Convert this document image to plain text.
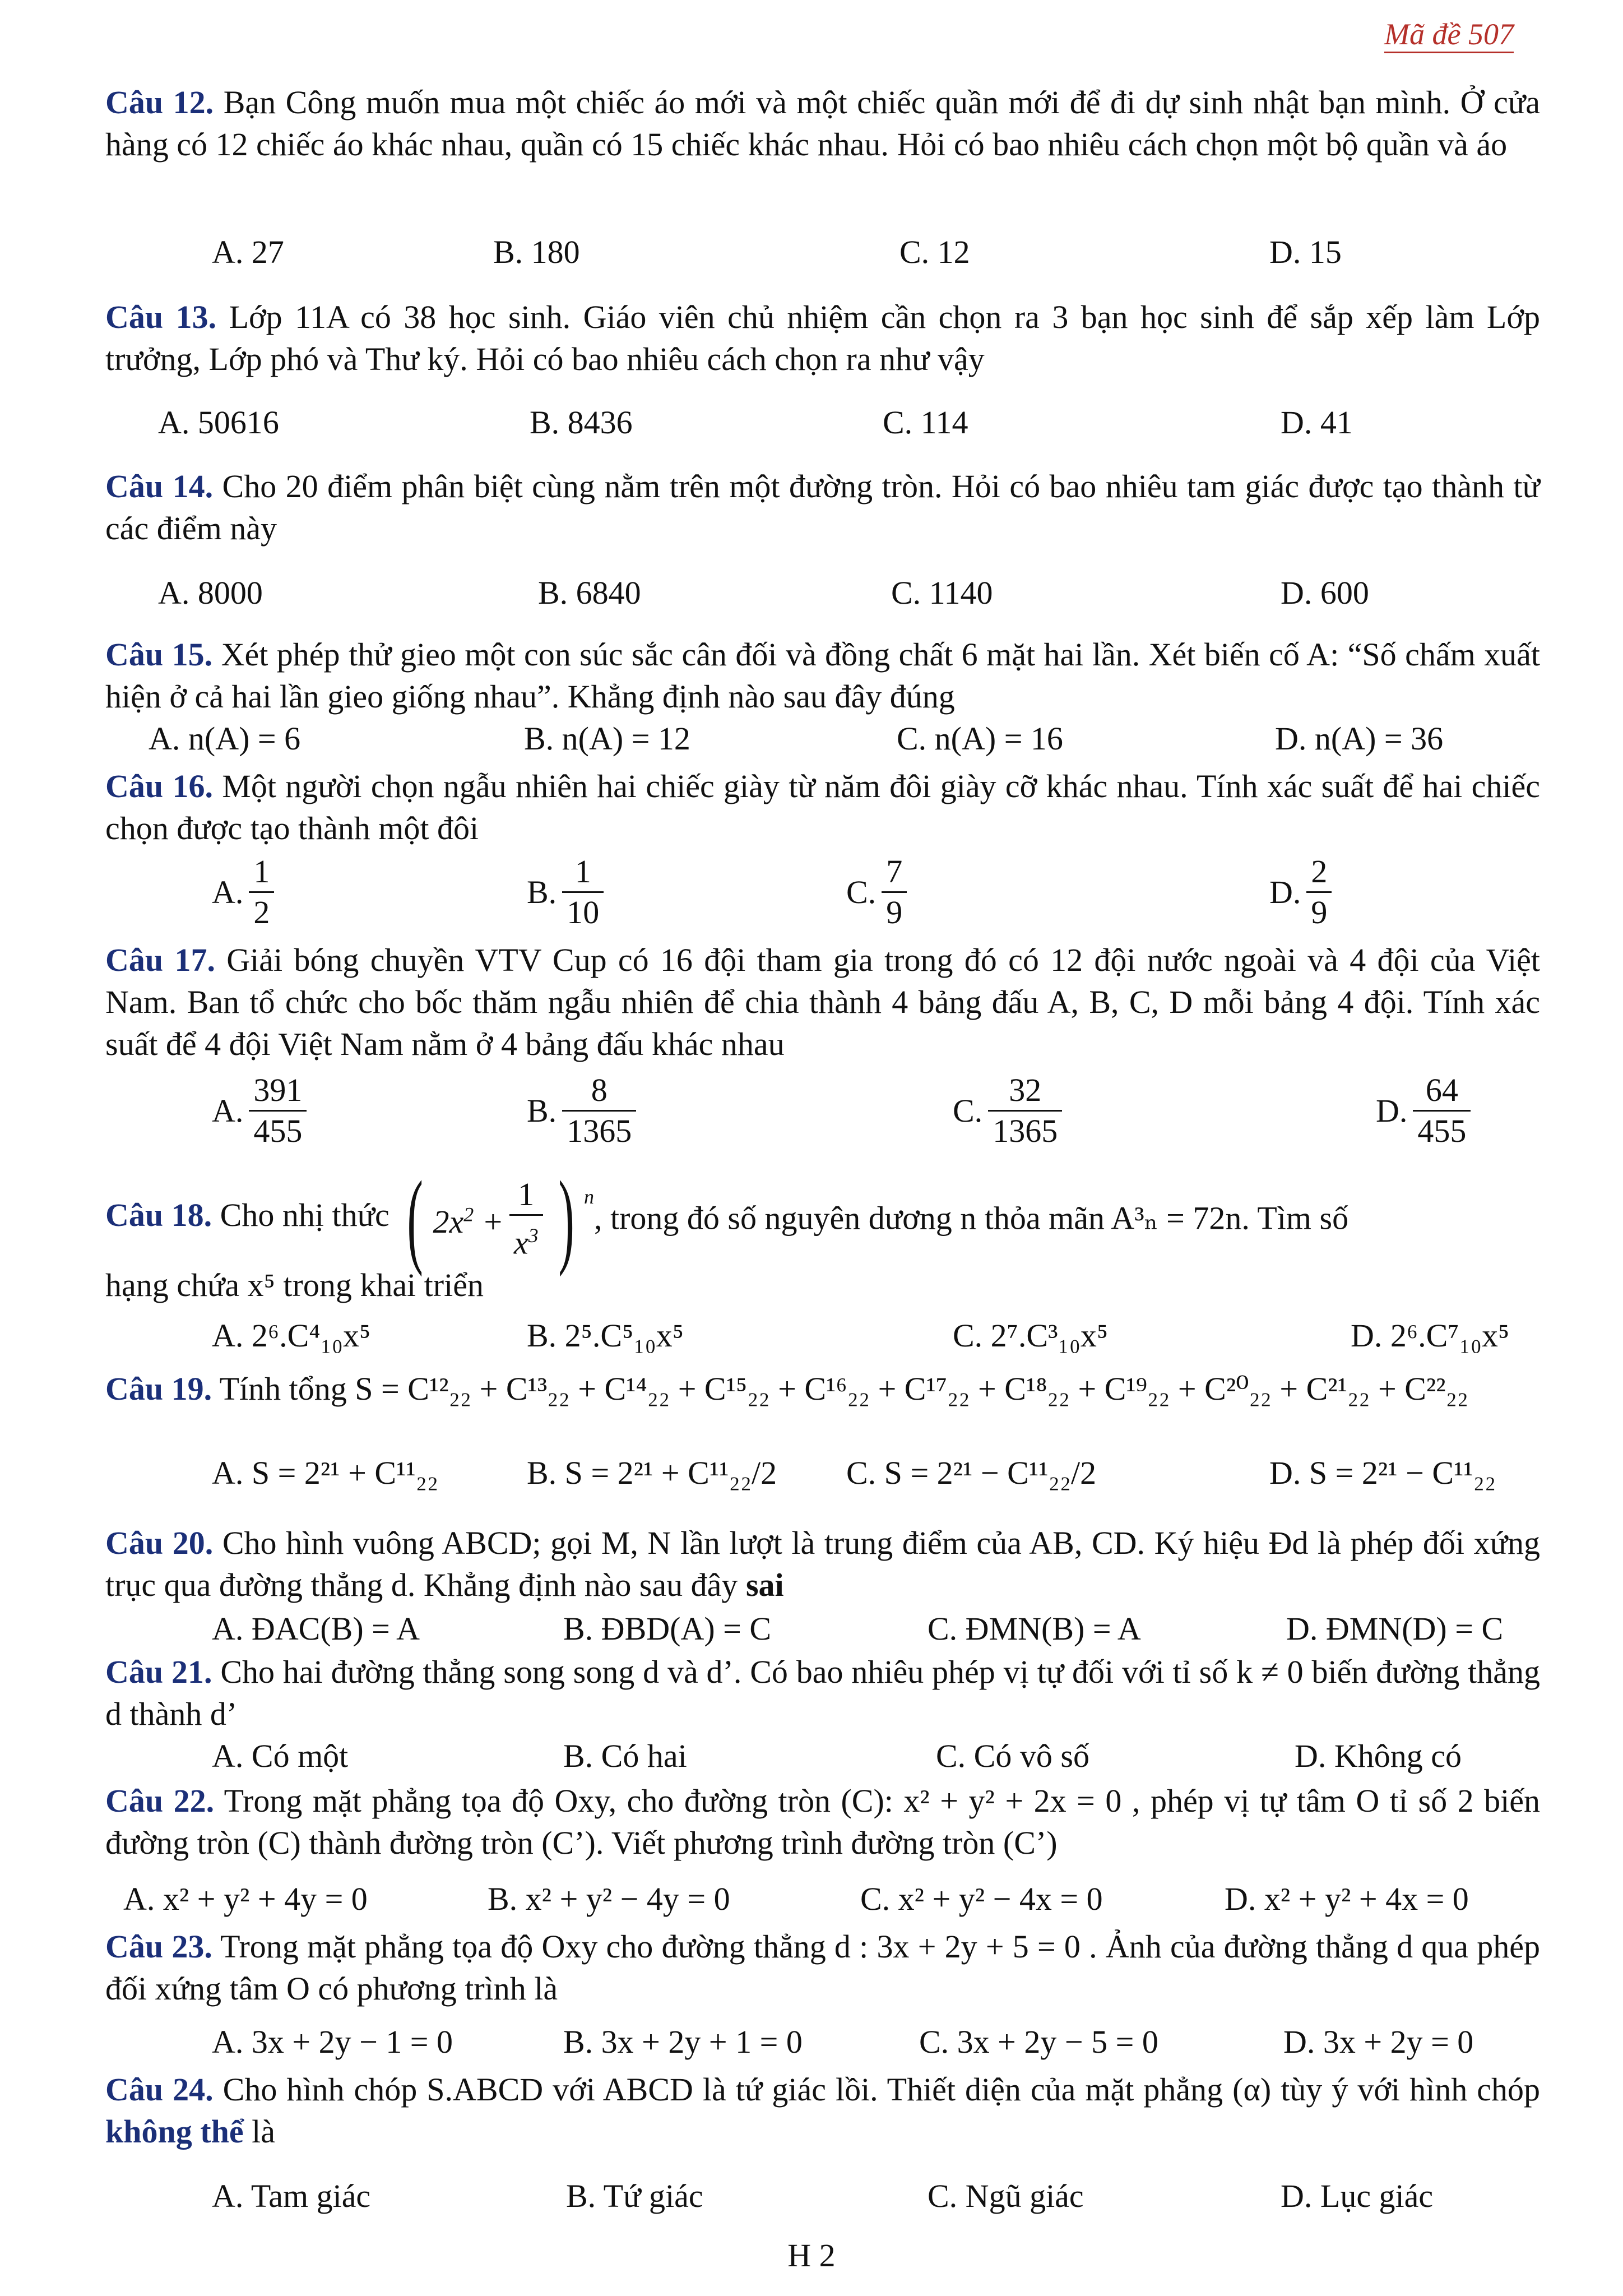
Mã đề 507
Câu 12. Bạn Công muốn mua một chiếc áo mới và một chiếc quần mới để đi dự sinh nhật bạn mình. Ở cửa hàng có 12 chiếc áo khác nhau, quần có 15 chiếc khác nhau. Hỏi có bao nhiêu cách chọn một bộ quần và áo
A. 27	B. 180	C. 12	D. 15
Câu 13. Lớp 11A có 38 học sinh. Giáo viên chủ nhiệm cần chọn ra 3 bạn học sinh để sắp xếp làm Lớp trưởng, Lớp phó và Thư ký. Hỏi có bao nhiêu cách chọn ra như vậy
A. 50616	B. 8436	C. 114	D. 41
Câu 14. Cho 20 điểm phân biệt cùng nằm trên một đường tròn. Hỏi có bao nhiêu tam giác được tạo thành từ các điểm này
A. 8000	B. 6840	C. 1140	D. 600
Câu 15. Xét phép thử gieo một con súc sắc cân đối và đồng chất 6 mặt hai lần. Xét biến cố A: “Số chấm xuất hiện ở cả hai lần gieo giống nhau”. Khẳng định nào sau đây đúng
A. n(A) = 6	B. n(A) = 12	C. n(A) = 16	D. n(A) = 36
Câu 16. Một người chọn ngẫu nhiên hai chiếc giày từ năm đôi giày cỡ khác nhau. Tính xác suất để hai chiếc chọn được tạo thành một đôi
A. $\frac{1}{2}$	B. $\frac{1}{10}$	C. $\frac{7}{9}$	D. $\frac{2}{9}$
Câu 17. Giải bóng chuyền VTV Cup có 16 đội tham gia trong đó có 12 đội nước ngoài và 4 đội của Việt Nam. Ban tổ chức cho bốc thăm ngẫu nhiên để chia thành 4 bảng đấu A, B, C, D mỗi bảng 4 đội. Tính xác suất để 4 đội Việt Nam nằm ở 4 bảng đấu khác nhau
A. $\frac{391}{455}$	B. $\frac{8}{1365}$	C. $\frac{32}{1365}$	D. $\frac{64}{455}$
Câu 18. Cho nhị thức ( $2x^2 + \frac{1}{x^3}$ ) $^n$, trong đó số nguyên dương n thỏa mãn A³ₙ = 72n. Tìm số
hạng chứa x⁵ trong khai triển
A. 2⁶.C⁴₁₀x⁵	B. 2⁵.C⁵₁₀x⁵	C. 2⁷.C³₁₀x⁵	D. 2⁶.C⁷₁₀x⁵
Câu 19. Tính tổng S = C¹²₂₂ + C¹³₂₂ + C¹⁴₂₂ + C¹⁵₂₂ + C¹⁶₂₂ + C¹⁷₂₂ + C¹⁸₂₂ + C¹⁹₂₂ + C²⁰₂₂ + C²¹₂₂ + C²²₂₂
A. S = 2²¹ + C¹¹₂₂	B. S = 2²¹ + C¹¹₂₂/2 C. S = 2²¹ − C¹¹₂₂/2	D. S = 2²¹ − C¹¹₂₂
Câu 20. Cho hình vuông ABCD; gọi M, N lần lượt là trung điểm của AB, CD. Ký hiệu Đd là phép đối xứng trục qua đường thẳng d. Khẳng định nào sau đây sai
A. ĐAC(B) = A	B. ĐBD(A) = C	C. ĐMN(B) = A	D. ĐMN(D) = C
Câu 21. Cho hai đường thẳng song song d và d’. Có bao nhiêu phép vị tự đối với tỉ số k ≠ 0 biến đường thẳng d thành d’
A. Có một	B. Có hai	C. Có vô số	D. Không có
Câu 22. Trong mặt phẳng tọa độ Oxy, cho đường tròn (C): x² + y² + 2x = 0 , phép vị tự tâm O tỉ số 2 biến đường tròn (C) thành đường tròn (C’). Viết phương trình đường tròn (C’)
A. x² + y² + 4y = 0	B. x² + y² − 4y = 0	C. x² + y² − 4x = 0	D. x² + y² + 4x = 0
Câu 23. Trong mặt phẳng tọa độ Oxy cho đường thẳng d : 3x + 2y + 5 = 0 . Ảnh của đường thẳng d qua phép đối xứng tâm O có phương trình là
A. 3x + 2y − 1 = 0	B. 3x + 2y + 1 = 0	C. 3x + 2y − 5 = 0	D. 3x + 2y = 0
Câu 24. Cho hình chóp S.ABCD với ABCD là tứ giác lồi. Thiết diện của mặt phẳng (α) tùy ý với hình chóp không thể là
A. Tam giác	B. Tứ giác	C. Ngũ giác	D. Lục giác
H 2
